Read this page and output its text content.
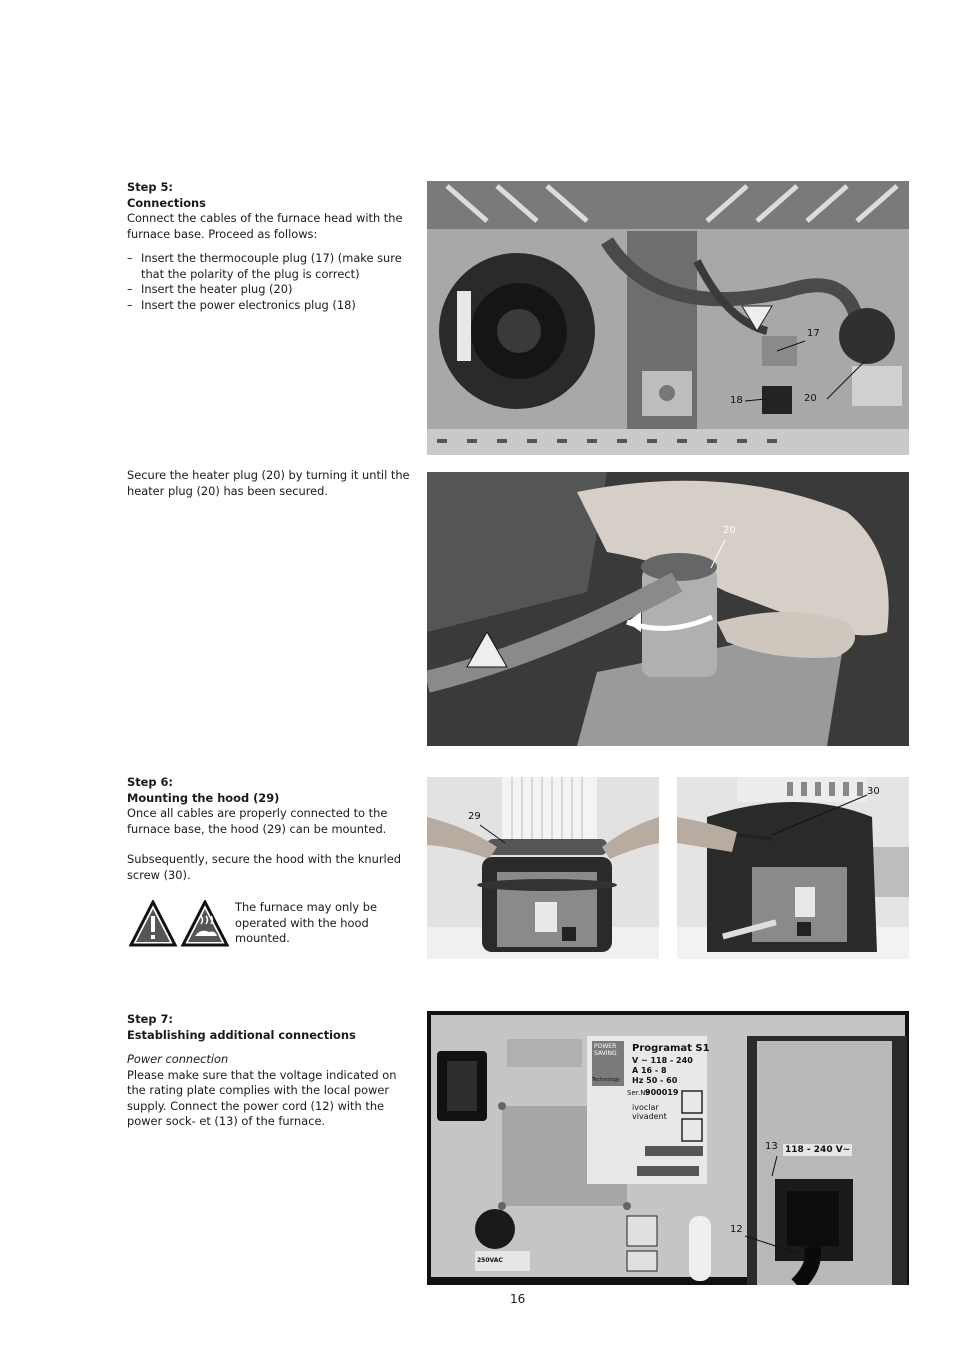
Step 5:

Connections

Connect the cables of the furnace head with the furnace base. Proceed as follows:

– Insert the thermocouple plug (17) (make sure that the polarity of the plug is correct)
– Insert the heater plug (20)
– Insert the power electronics plug (18)

Secure the heater plug (20) by turning it until the heater plug (20) has been secured.

17
18	20
20

Step 6:

Mounting the hood (29)

Once all cables are properly connected to the furnace base, the hood (29) can be mounted.

Subsequently, secure the hood with the knurled screw (30).

The furnace may only be operated with the hood mounted.

29
30

Step 7:

Establishing additional connections

Power connection

Please make sure that the voltage indicated on the rating plate complies with the local power supply. Connect the power cord (12) with the power sock- et (13) of the furnace.

POWER SAVING
Technology
Programat S1
V ~ 118 - 240
A 16 - 8
Hz 50 - 60
Ser.No
900019
ivoclar
vivadent
118 - 240 V~
250VAC
13
12
16
